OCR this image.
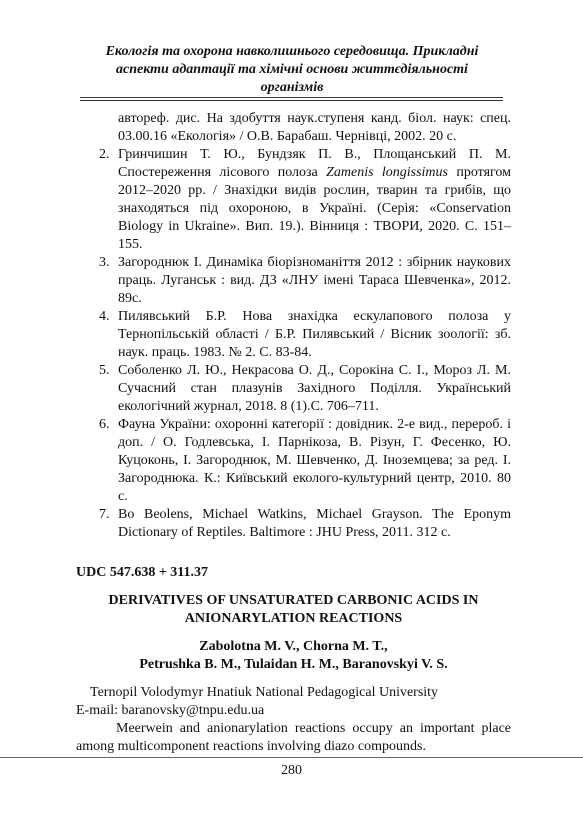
Екологія та охорона навколишнього середовища. Прикладні
аспекти адаптації та хімічні основи життєдіяльності
організмів

автореф. дис. На здобуття наук.ступеня канд. біол. наук: спец. 03.00.16 «Екологія» / О.В. Барабаш. Чернівці, 2002. 20 с.

2. Гринчишин Т. Ю., Бундзяк П. В., Площанський П. М. Спостереження лісового полоза Zamenis longissimus протягом 2012–2020 рр. / Знахідки видів рослин, тварин та грибів, що знаходяться під охороною, в Україні. (Серія: «Conservation Biology in Ukraine». Вип. 19.). Вінниця : ТВОРИ, 2020. С. 151–155.
3. Загороднюк І. Динаміка біорізноманіття 2012 : збірник наукових праць. Луганськ : вид. ДЗ «ЛНУ імені Тараса Шевченка», 2012. 89с.
4. Пилявський Б.Р. Нова знахідка ескулапового полоза у Тернопільській області / Б.Р. Пилявський / Вісник зоології: зб. наук. праць. 1983. № 2. С. 83-84.
5. Соболенко Л. Ю., Некрасова О. Д., Сорокіна С. І., Мороз Л. М. Сучасний стан плазунів Західного Поділля. Український екологічний журнал, 2018. 8 (1).С. 706–711.
6. Фауна України: охоронні категорії : довідник. 2-е вид., перероб. і доп. / О. Годлевська, І. Парнікоза, В. Різун, Г. Фесенко, Ю. Куцоконь, І. Загороднюк, М. Шевченко, Д. Іноземцева; за ред. І. Загороднюка. К.: Київський еколого-культурний центр, 2010. 80 с.
7. Bo Beolens, Michael Watkins, Michael Grayson. The Eponym Dictionary of Reptiles. Baltimore : JHU Press, 2011. 312 с.
UDC 547.638 + 311.37
DERIVATIVES OF UNSATURATED CARBONIC ACIDS IN ANIONARYLATION REACTIONS
Zabolotna M. V., Chorna M. T.,
Petrushka B. M., Tulaidan H. M., Baranovskyi V. S.
Ternopil Volodymyr Hnatiuk National Pedagogical University
E-mail: baranovsky@tnpu.edu.ua
Meerwein and anionarylation reactions occupy an important place among multicomponent reactions involving diazo compounds.
280
